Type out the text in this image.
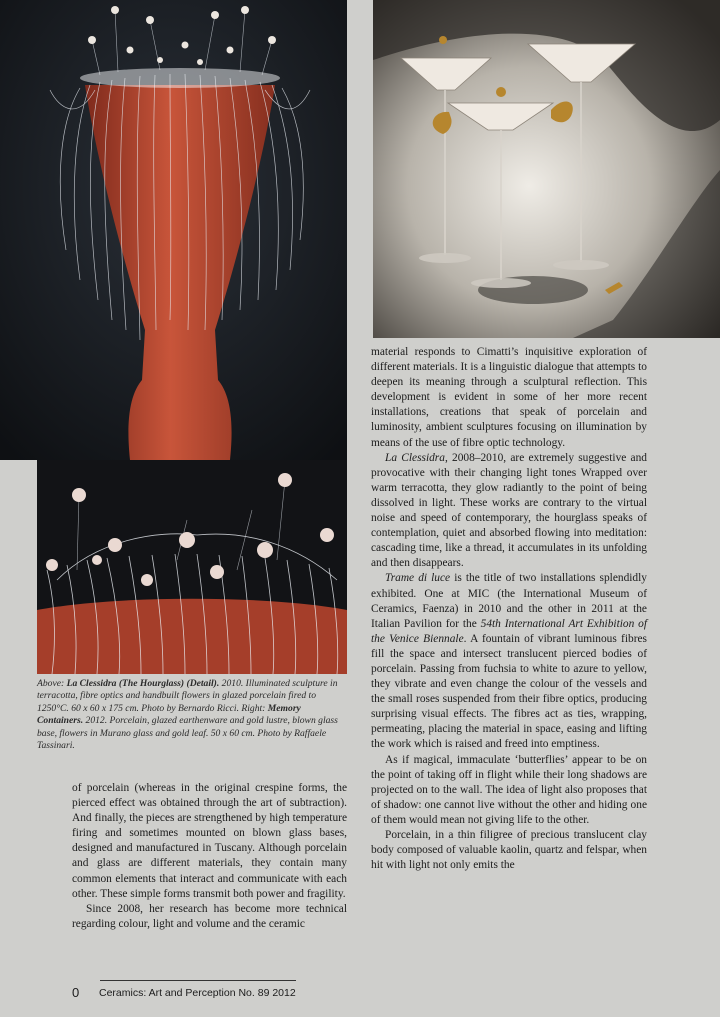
Above: La Clessidra (The Hourglass) (Detail). 2010. Illuminated sculpture in terracotta, fibre optics and handbuilt flowers in glazed porcelain fired to 1250°C. 60 x 60 x 175 cm. Photo by Bernardo Ricci. Right: Memory Containers. 2012. Porcelain, glazed earthenware and gold lustre, blown glass base, flowers in Murano glass and gold leaf. 50 x 60 cm. Photo by Raffaele Tassinari.

of porcelain (whereas in the original crespine forms, the pierced effect was obtained through the art of subtraction). And finally, the pieces are strengthened by high temperature firing and sometimes mounted on blown glass bases, designed and manufactured in Tuscany. Although porcelain and glass are different materials, they contain many common elements that interact and communicate with each other. These simple forms transmit both power and fragility.

Since 2008, her research has become more technical regarding colour, light and volume and the ceramic

material responds to Cimatti’s inquisitive exploration of different materials. It is a linguistic dialogue that attempts to deepen its meaning through a sculptural reflection. This development is evident in some of her more recent installations, creations that speak of porcelain and luminosity, ambient sculptures focusing on illumination by means of the use of fibre optic technology.

La Clessidra, 2008–2010, are extremely suggestive and provocative with their changing light tones Wrapped over warm terracotta, they glow radiantly to the point of being dissolved in light. These works are contrary to the virtual noise and speed of contemporary, the hourglass speaks of contemplation, quiet and absorbed flowing into meditation: cascading time, like a thread, it accumulates in its unfolding and then disappears.

Trame di luce is the title of two installations splendidly exhibited. One at MIC (the International Museum of Ceramics, Faenza) in 2010 and the other in 2011 at the Italian Pavilion for the 54th International Art Exhibition of the Venice Biennale. A fountain of vibrant luminous fibres fill the space and intersect translucent pierced bodies of porcelain. Passing from fuchsia to white to azure to yellow, they vibrate and even change the colour of the vessels and the small roses suspended from their fibre optics, producing surprising visual effects. The fibres act as ties, wrapping, permeating, placing the material in space, easing and lifting the work which is raised and freed into emptiness.

As if magical, immaculate ‘butterflies’ appear to be on the point of taking off in flight while their long shadows are projected on to the wall. The idea of light also proposes that of shadow: one cannot live without the other and hiding one of them would mean not giving life to the other.

Porcelain, in a thin filigree of precious translucent clay body composed of valuable kaolin, quartz and felspar, when hit with light not only emits the

0 Ceramics: Art and Perception No. 89 2012
